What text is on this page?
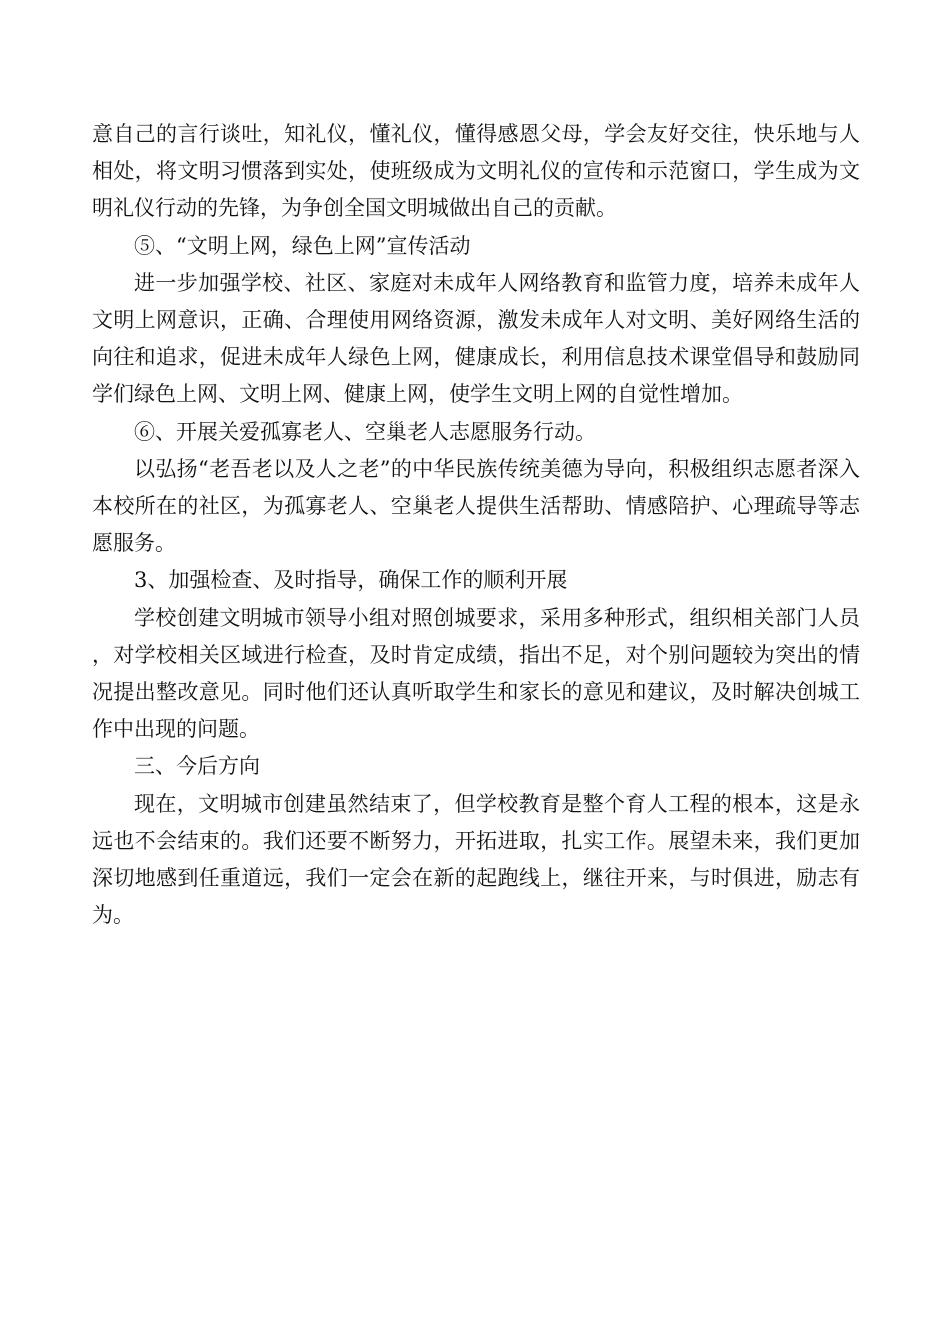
意自己的言行谈吐，知礼仪，懂礼仪，懂得感恩父母，学会友好交往，快乐地与人相处，将文明习惯落到实处，使班级成为文明礼仪的宣传和示范窗口，学生成为文明礼仪行动的先锋，为争创全国文明城做出自己的贡献。

⑤、“文明上网，绿色上网”宣传活动

进一步加强学校、社区、家庭对未成年人网络教育和监管力度，培养未成年人文明上网意识，正确、合理使用网络资源，激发未成年人对文明、美好网络生活的向往和追求，促进未成年人绿色上网，健康成长，利用信息技术课堂倡导和鼓励同学们绿色上网、文明上网、健康上网，使学生文明上网的自觉性增加。

⑥、开展关爱孤寡老人、空巢老人志愿服务行动。

以弘扬“老吾老以及人之老”的中华民族传统美德为导向，积极组织志愿者深入本校所在的社区，为孤寡老人、空巢老人提供生活帮助、情感陪护、心理疏导等志愿服务。

3、加强检查、及时指导，确保工作的顺利开展

学校创建文明城市领导小组对照创城要求，采用多种形式，组织相关部门人员，对学校相关区域进行检查，及时肯定成绩，指出不足，对个别问题较为突出的情况提出整改意见。同时他们还认真听取学生和家长的意见和建议，及时解决创城工作中出现的问题。

三、今后方向

现在，文明城市创建虽然结束了，但学校教育是整个育人工程的根本，这是永远也不会结束的。我们还要不断努力，开拓进取，扎实工作。展望未来，我们更加深切地感到任重道远，我们一定会在新的起跑线上，继往开来，与时俱进，励志有为。
